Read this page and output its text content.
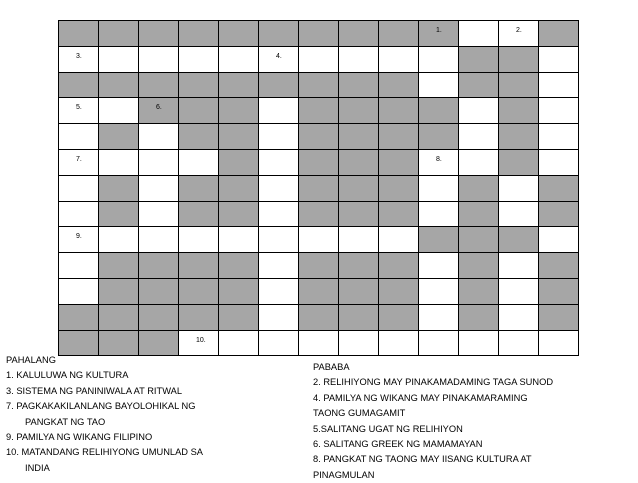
1.	2.
3.	4.
5.	6.
7.	8.
9.
10.
PAHALANG
1. KALULUWA NG KULTURA
3. SISTEMA NG PANINIWALA AT RITWAL
7. PAGKAKAKILANLANG BAYOLOHIKAL NG
PANGKAT NG TAO
9. PAMILYA NG WIKANG FILIPINO
10. MATANDANG RELIHIYONG UMUNLAD SA
INDIA
PABABA
2. RELIHIYONG MAY PINAKAMADAMING TAGA SUNOD
4. PAMILYA NG WIKANG MAY PINAKAMARAMING
TAONG GUMAGAMIT
5.SALITANG UGAT NG RELIHIYON
6. SALITANG GREEK NG MAMAMAYAN
8. PANGKAT NG TAONG MAY IISANG KULTURA AT
PINAGMULAN
